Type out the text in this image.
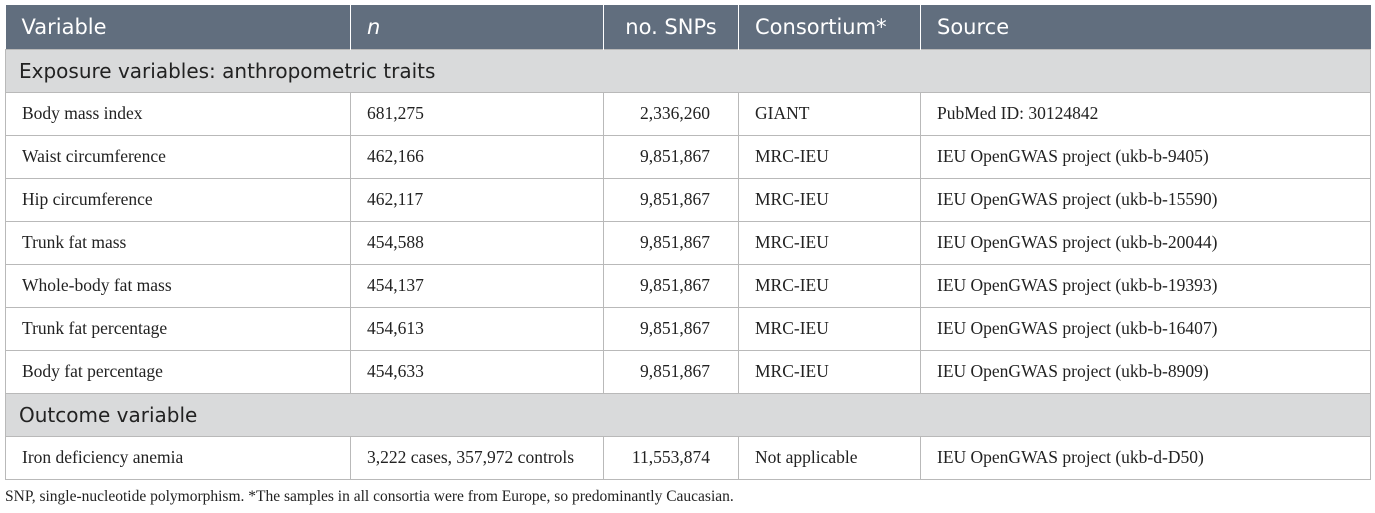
Variable	n	no. SNPs	Consortium*	Source
Exposure variables: anthropometric traits				
Body mass index	681,275	2,336,260	GIANT	PubMed ID: 30124842
Waist circumference	462,166	9,851,867	MRC-IEU	IEU OpenGWAS project (ukb-b-9405)
Hip circumference	462,117	9,851,867	MRC-IEU	IEU OpenGWAS project (ukb-b-15590)
Trunk fat mass	454,588	9,851,867	MRC-IEU	IEU OpenGWAS project (ukb-b-20044)
Whole-body fat mass	454,137	9,851,867	MRC-IEU	IEU OpenGWAS project (ukb-b-19393)
Trunk fat percentage	454,613	9,851,867	MRC-IEU	IEU OpenGWAS project (ukb-b-16407)
Body fat percentage	454,633	9,851,867	MRC-IEU	IEU OpenGWAS project (ukb-b-8909)
Outcome variable				
Iron deficiency anemia	3,222 cases, 357,972 controls	11,553,874	Not applicable	IEU OpenGWAS project (ukb-d-D50)
SNP, single-nucleotide polymorphism. *The samples in all consortia were from Europe, so predominantly Caucasian.
